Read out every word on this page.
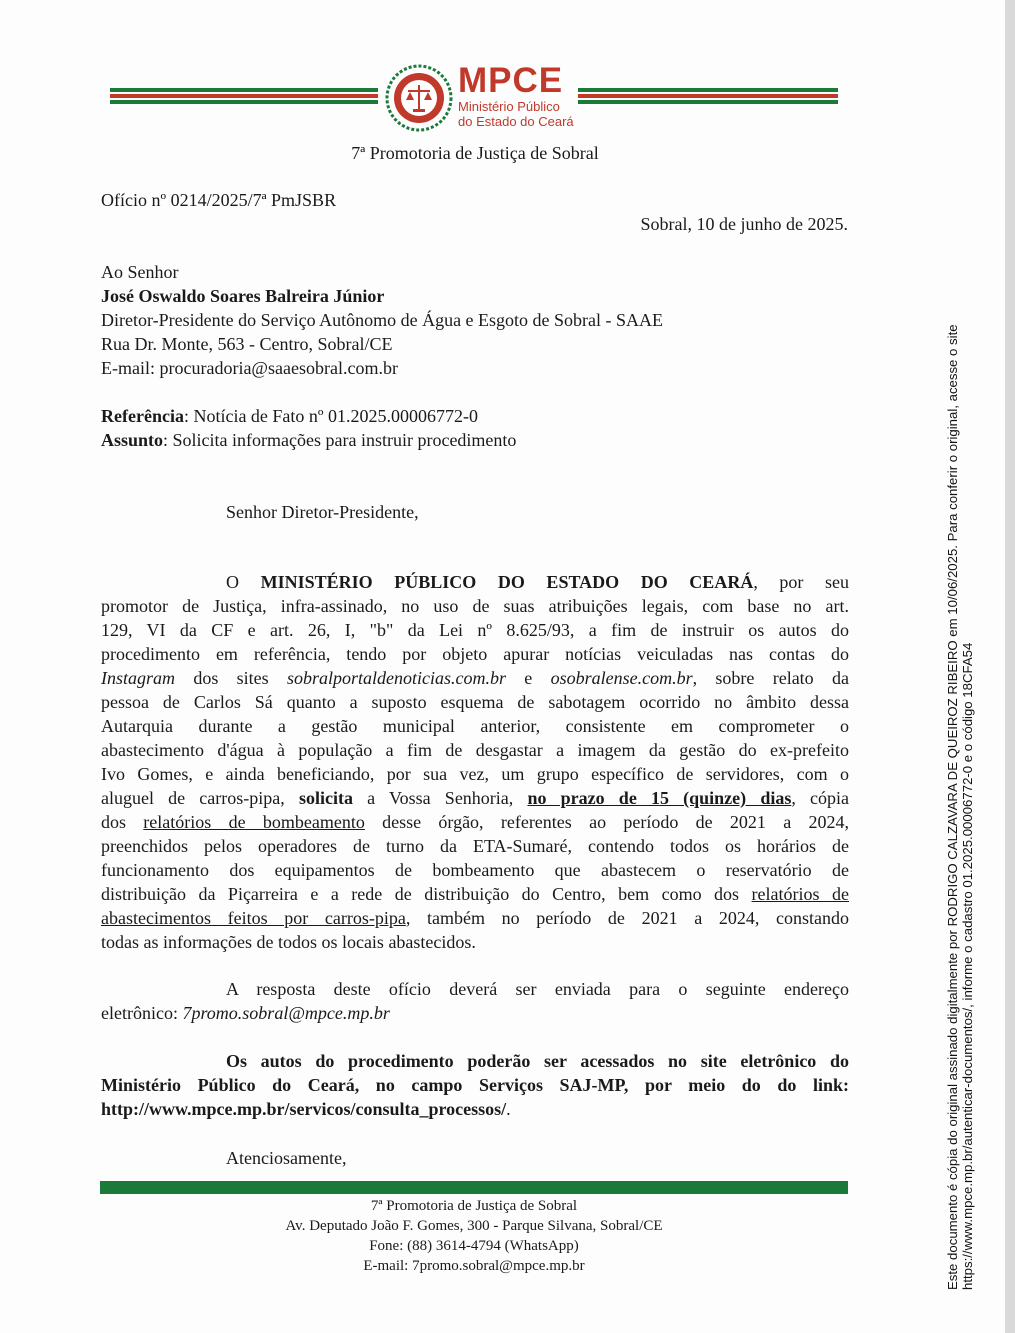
MPCE
Ministério Público
do Estado do Ceará
7ª Promotoria de Justiça de Sobral
Ofício nº 0214/2025/7ª PmJSBR
Sobral, 10 de junho de 2025.
Ao Senhor
José Oswaldo Soares Balreira Júnior
Diretor-Presidente do Serviço Autônomo de Água e Esgoto de Sobral - SAAE
Rua Dr. Monte, 563 - Centro, Sobral/CE
E-mail: procuradoria@saaesobral.com.br
Referência: Notícia de Fato nº 01.2025.00006772-0
Assunto: Solicita informações para instruir procedimento
Senhor Diretor-Presidente,
O MINISTÉRIO PÚBLICO DO ESTADO DO CEARÁ, por seu
promotor de Justiça, infra-assinado, no uso de suas atribuições legais, com base no art.
129, VI da CF e art. 26, I, "b" da Lei nº 8.625/93, a fim de instruir os autos do
procedimento em referência, tendo por objeto apurar notícias veiculadas nas contas do
Instagram dos sites sobralportaldenoticias.com.br e osobralense.com.br, sobre relato da
pessoa de Carlos Sá quanto a suposto esquema de sabotagem ocorrido no âmbito dessa
Autarquia durante a gestão municipal anterior, consistente em comprometer o
abastecimento d'água à população a fim de desgastar a imagem da gestão do ex-prefeito
Ivo Gomes, e ainda beneficiando, por sua vez, um grupo específico de servidores, com o
aluguel de carros-pipa, solicita a Vossa Senhoria, no prazo de 15 (quinze) dias, cópia
dos relatórios de bombeamento desse órgão, referentes ao período de 2021 a 2024,
preenchidos pelos operadores de turno da ETA-Sumaré, contendo todos os horários de
funcionamento dos equipamentos de bombeamento que abastecem o reservatório de
distribuição da Piçarreira e a rede de distribuição do Centro, bem como dos relatórios de
abastecimentos feitos por carros-pipa, também no período de 2021 a 2024, constando
todas as informações de todos os locais abastecidos.
A resposta deste ofício deverá ser enviada para o seguinte endereço
eletrônico: 7promo.sobral@mpce.mp.br
Os autos do procedimento poderão ser acessados no site eletrônico do
Ministério Público do Ceará, no campo Serviços SAJ-MP, por meio do do link:
http://www.mpce.mp.br/servicos/consulta_processos/.
Atenciosamente,
7ª Promotoria de Justiça de Sobral
Av. Deputado João F. Gomes, 300 - Parque Silvana, Sobral/CE
Fone: (88) 3614-4794 (WhatsApp)
E-mail: 7promo.sobral@mpce.mp.br	Este documento é cópia do original assinado digitalmente por RODRIGO CALZAVARA DE QUEIROZ RIBEIRO em 10/06/2025. Para conferir o original, acesse o site https://www.mpce.mp.br/autenticar-documentos/, informe o cadastro 01.2025.00006772-0 e o código 18CFA54
